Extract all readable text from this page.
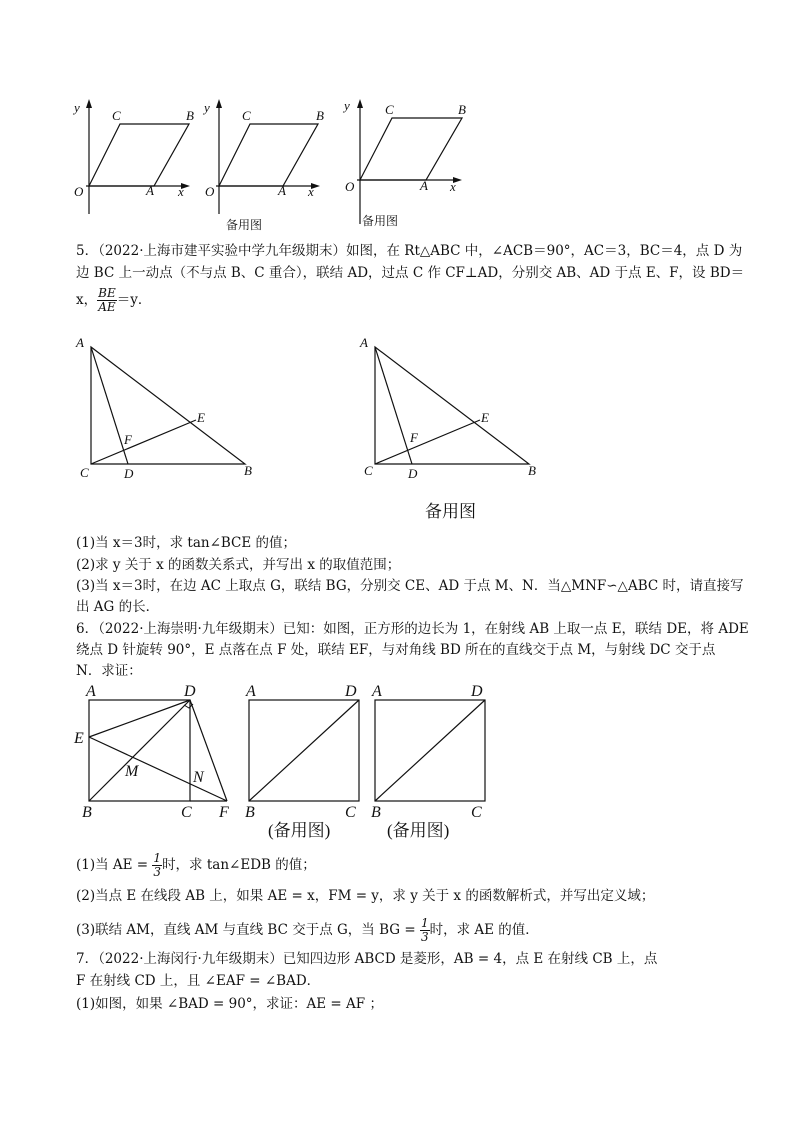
y
C	B
O	A x
y
C	B
O	A x
备用图
y	C	B
O	A x
备用图
5．（2022·上海市建平实验中学九年级期末）如图，在 Rt△ABC 中，∠ACB＝90°，AC＝3，BC＝4，点 D 为
边 BC 上一动点（不与点 B、C 重合），联结 AD，过点 C 作 CF⊥AD，分别交 AB、AD 于点 E、F，设 BD＝
x， $\frac{BE}{AE} =y$．
A
E
F
C	D	B
A
E
F
C	D	B
备用图
(1)当 x＝3时，求 tan∠BCE 的值；
(2)求 y 关于 x 的函数关系式，并写出 x 的取值范围；
(3)当 x＝3时，在边 AC 上取点 G，联结 BG，分别交 CE、AD 于点 M、N．当△MNF∽△ABC 时，请直接写
出 AG 的长．
6．（2022·上海崇明·九年级期末）已知：如图，正方形的边长为 1，在射线 AB 上取一点 E，联结 DE，将 ADE
绕点 D 针旋转 90°，E 点落在点 F 处，联结 EF，与对角线 BD 所在的直线交于点 M，与射线 DC 交于点
N．求证：
A	D
E
M	N
B	C F
A	D
B	C
(备用图)
A	D
B	C
(备用图)
(1)当 AE = $\frac{1}{3}$ 时，求 tan∠EDB 的值；
(2)当点 E 在线段 AB 上，如果 AE = x，FM = y，求 y 关于 x 的函数解析式，并写出定义域；
(3)联结 AM，直线 AM 与直线 BC 交于点 G，当 BG = $\frac{1}{3}$ 时，求 AE 的值．
7．（2022·上海闵行·九年级期末）已知四边形 ABCD 是菱形，AB = 4，点 E 在射线 CB 上，点
F 在射线 CD 上，且 ∠EAF = ∠BAD．
(1)如图，如果 ∠BAD = 90°，求证：AE = AF ；
